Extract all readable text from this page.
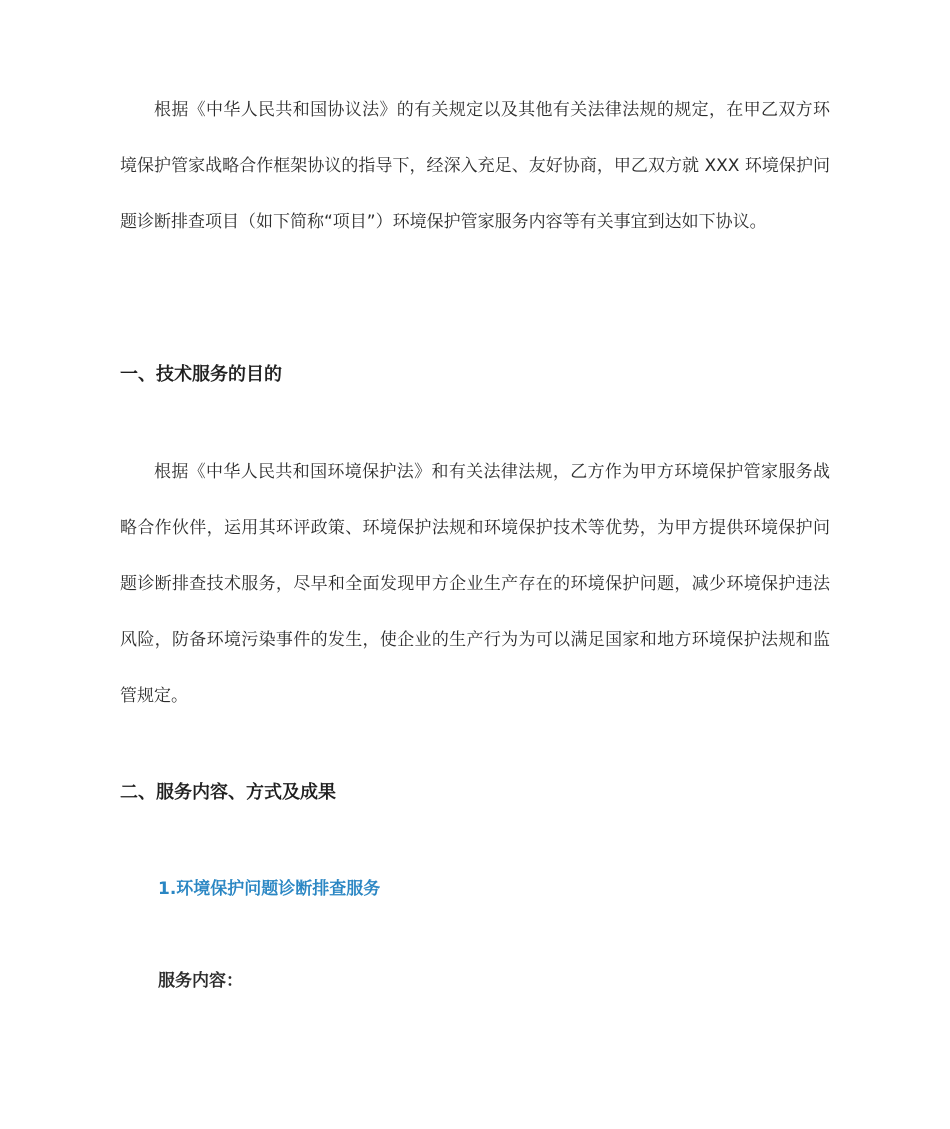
根据《中华人民共和国协议法》的有关规定以及其他有关法律法规的规定，在甲乙双方环境保护管家战略合作框架协议的指导下，经深入充足、友好协商，甲乙双方就 XXX 环境保护问题诊断排查项目（如下简称“项目”）环境保护管家服务内容等有关事宜到达如下协议。

一、技术服务的目的

根据《中华人民共和国环境保护法》和有关法律法规，乙方作为甲方环境保护管家服务战略合作伙伴，运用其环评政策、环境保护法规和环境保护技术等优势，为甲方提供环境保护问题诊断排查技术服务，尽早和全面发现甲方企业生产存在的环境保护问题，减少环境保护违法风险，防备环境污染事件的发生，使企业的生产行为为可以满足国家和地方环境保护法规和监管规定。

二、服务内容、方式及成果
1.环境保护问题诊断排查服务
服务内容：
